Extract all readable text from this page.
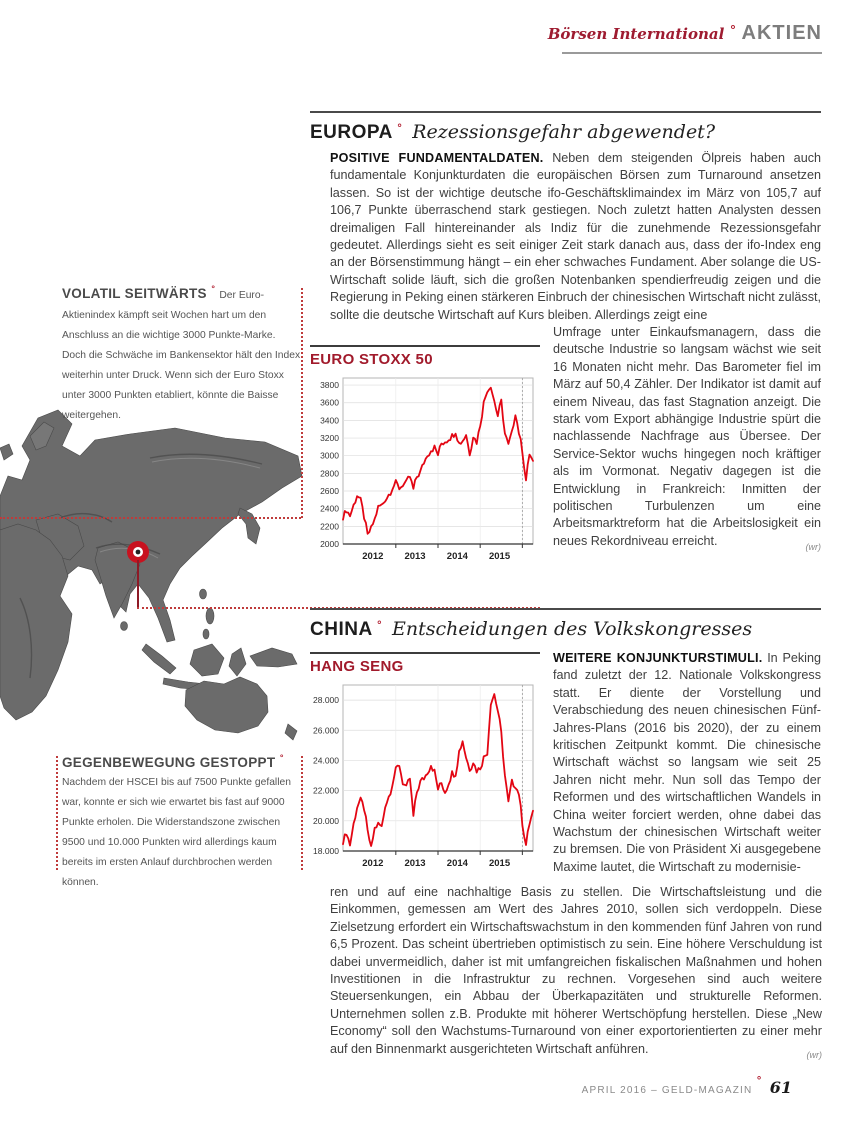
Börsen International ° AKTIEN
VOLATIL SEITWÄRTS ° Der Euro-Aktienindex kämpft seit Wochen hart um den Anschluss an die wichtige 3000 Punkte-Marke. Doch die Schwäche im Bankensektor hält den Index weiterhin unter Druck. Wenn sich der Euro Stoxx unter 3000 Punkten etabliert, könnte die Baisse weitergehen.
GEGENBEWEGUNG GESTOPPT °
Nachdem der HSCEI bis auf 7500 Punkte gefallen war, konnte er sich wie erwartet bis fast auf 9000 Punkte erholen. Die Widerstandszone zwischen 9500 und 10.000 Punkten wird allerdings kaum bereits im ersten Anlauf durchbrochen werden können.
EUROPA ° Rezessionsgefahr abgewendet?

POSITIVE FUNDAMENTALDATEN. Neben dem steigenden Ölpreis haben auch fundamentale Konjunkturdaten die europäischen Börsen zum Turnaround ansetzen lassen. So ist der wichtige deutsche ifo-Geschäftsklimaindex im März von 105,7 auf 106,7 Punkte überraschend stark gestiegen. Noch zuletzt hatten Analysten dessen dreimaligen Fall hintereinander als Indiz für die zunehmende Rezessionsgefahr gedeutet. Allerdings sieht es seit einiger Zeit stark danach aus, dass der ifo-Index eng an der Börsenstimmung hängt – ein eher schwaches Fundament. Aber solange die US-Wirtschaft solide läuft, sich die großen Notenbanken spendierfreudig zeigen und die Regierung in Peking einen stärkeren Einbruch der chinesischen Wirtschaft nicht zulässt, sollte die deutsche Wirtschaft auf Kurs bleiben. Allerdings zeigt eine

EURO STOXX 50
2000
2200
2400
2600
2800
3000
3200
3400
3600
3800
2012 2013 2014 2015

Umfrage unter Einkaufsmanagern, dass die deutsche Industrie so langsam wächst wie seit 16 Monaten nicht mehr. Das Barometer fiel im März auf 50,4 Zähler. Der Indikator ist damit auf einem Niveau, das fast Stagnation anzeigt. Die stark vom Export abhängige Industrie spürt die nachlassende Nachfrage aus Übersee. Der Service-Sektor wuchs hingegen noch kräftiger als im Vormonat. Negativ dagegen ist die Entwicklung in Frankreich: Inmitten der politischen Turbulenzen um eine Arbeitsmarktreform hat die Arbeitslosigkeit ein neues Rekordniveau erreicht.	(wr)

CHINA ° Entscheidungen des Volkskongresses
HANG SENG
18.000
20.000
22.000
24.000
26.000
28.000
2012 2013 2014 2015

WEITERE KONJUNKTURSTIMULI. In Peking fand zuletzt der 12. Nationale Volkskongress statt. Er diente der Vorstellung und Verabschiedung des neuen chinesischen Fünf-Jahres-Plans (2016 bis 2020), der zu einem kritischen Zeitpunkt kommt. Die chinesische Wirtschaft wächst so langsam wie seit 25 Jahren nicht mehr. Nun soll das Tempo der Reformen und des wirtschaftlichen Wandels in China weiter forciert werden, ohne dabei das Wachstum der chinesischen Wirtschaft weiter zu bremsen. Die von Präsident Xi ausgegebene Maxime lautet, die Wirtschaft zu modernisie-

ren und auf eine nachhaltige Basis zu stellen. Die Wirtschaftsleistung und die Einkommen, gemessen am Wert des Jahres 2010, sollen sich verdoppeln. Diese Zielsetzung erfordert ein Wirtschaftswachstum in den kommenden fünf Jahren von rund 6,5 Prozent. Das scheint übertrieben optimistisch zu sein. Eine höhere Verschuldung ist dabei unvermeidlich, daher ist mit umfangreichen fiskalischen Maßnahmen und hohen Investitionen in die Infrastruktur zu rechnen. Vorgesehen sind auch weitere Steuersenkungen, ein Abbau der Überkapazitäten und strukturelle Reformen. Unternehmen sollen z.B. Produkte mit höherer Wertschöpfung herstellen. Diese „New Economy“ soll den Wachstums-Turnaround von einer exportorientierten zu einer mehr auf den Binnenmarkt ausgerichteten Wirtschaft anführen.	(wr)

APRIL 2016 – GELD-MAGAZIN ° 61
